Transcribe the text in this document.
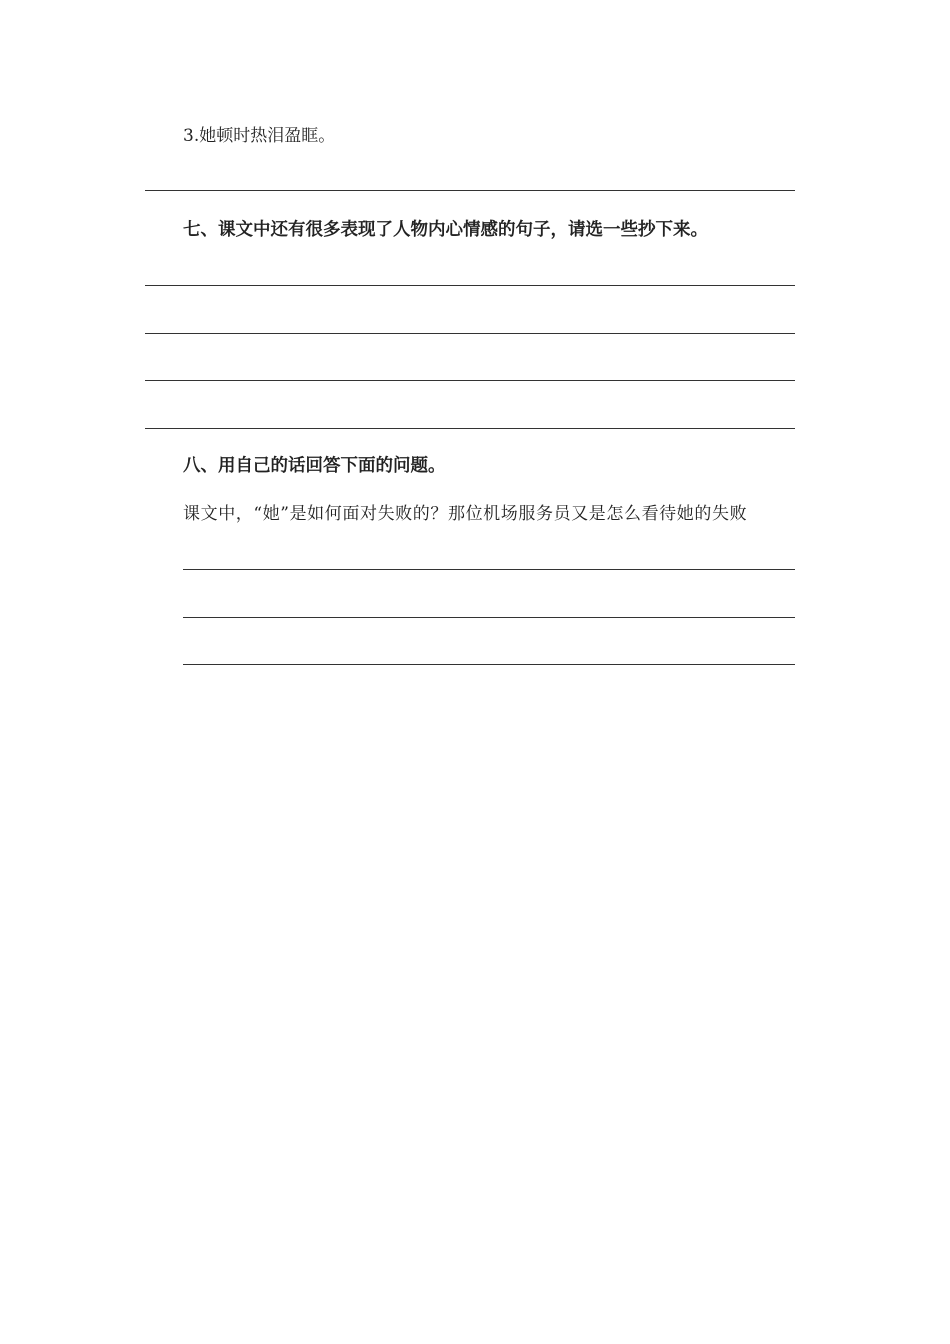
3.她顿时热泪盈眶。
七、课文中还有很多表现了人物内心情感的句子，请选一些抄下来。
八、用自己的话回答下面的问题。
课文中，“她”是如何面对失败的？那位机场服务员又是怎么看待她的失败
